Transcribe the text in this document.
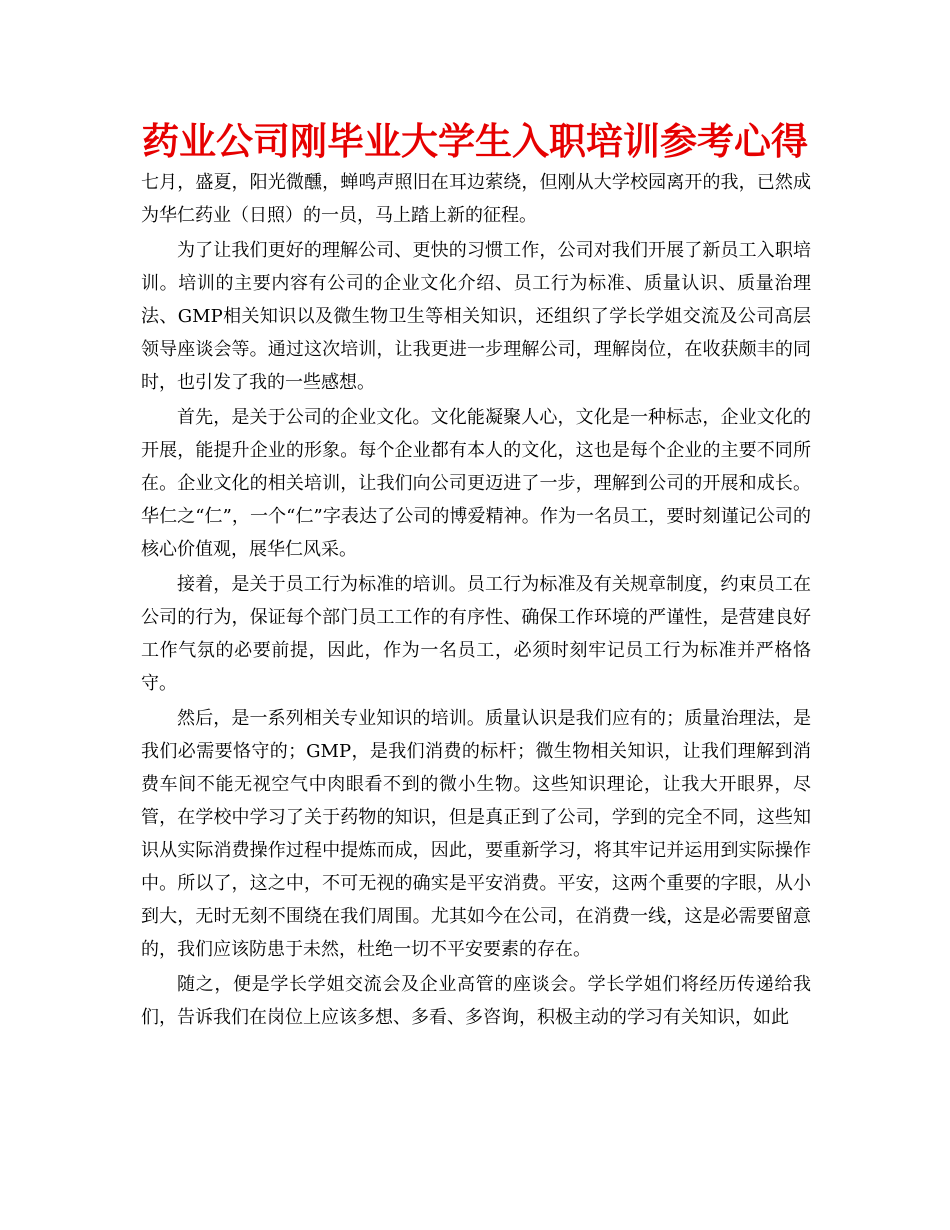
药业公司刚毕业大学生入职培训参考心得

七月，盛夏，阳光微醺，蝉鸣声照旧在耳边萦绕，但刚从大学校园离开的我，已然成为华仁药业（日照）的一员，马上踏上新的征程。

为了让我们更好的理解公司、更快的习惯工作，公司对我们开展了新员工入职培训。培训的主要内容有公司的企业文化介绍、员工行为标准、质量认识、质量治理法、GMP相关知识以及微生物卫生等相关知识，还组织了学长学姐交流及公司高层领导座谈会等。通过这次培训，让我更进一步理解公司，理解岗位，在收获颇丰的同时，也引发了我的一些感想。

首先，是关于公司的企业文化。文化能凝聚人心，文化是一种标志，企业文化的开展，能提升企业的形象。每个企业都有本人的文化，这也是每个企业的主要不同所在。企业文化的相关培训，让我们向公司更迈进了一步，理解到公司的开展和成长。华仁之“仁”，一个“仁”字表达了公司的博爱精神。作为一名员工，要时刻谨记公司的核心价值观，展华仁风采。

接着，是关于员工行为标准的培训。员工行为标准及有关规章制度，约束员工在公司的行为，保证每个部门员工工作的有序性、确保工作环境的严谨性，是营建良好工作气氛的必要前提，因此，作为一名员工，必须时刻牢记员工行为标准并严格恪守。

然后，是一系列相关专业知识的培训。质量认识是我们应有的；质量治理法，是我们必需要恪守的；GMP，是我们消费的标杆；微生物相关知识，让我们理解到消费车间不能无视空气中肉眼看不到的微小生物。这些知识理论，让我大开眼界，尽管，在学校中学习了关于药物的知识，但是真正到了公司，学到的完全不同，这些知识从实际消费操作过程中提炼而成，因此，要重新学习，将其牢记并运用到实际操作中。所以了，这之中，不可无视的确实是平安消费。平安，这两个重要的字眼，从小到大，无时无刻不围绕在我们周围。尤其如今在公司，在消费一线，这是必需要留意的，我们应该防患于未然，杜绝一切不平安要素的存在。

随之，便是学长学姐交流会及企业高管的座谈会。学长学姐们将经历传递给我们，告诉我们在岗位上应该多想、多看、多咨询，积极主动的学习有关知识，如此
